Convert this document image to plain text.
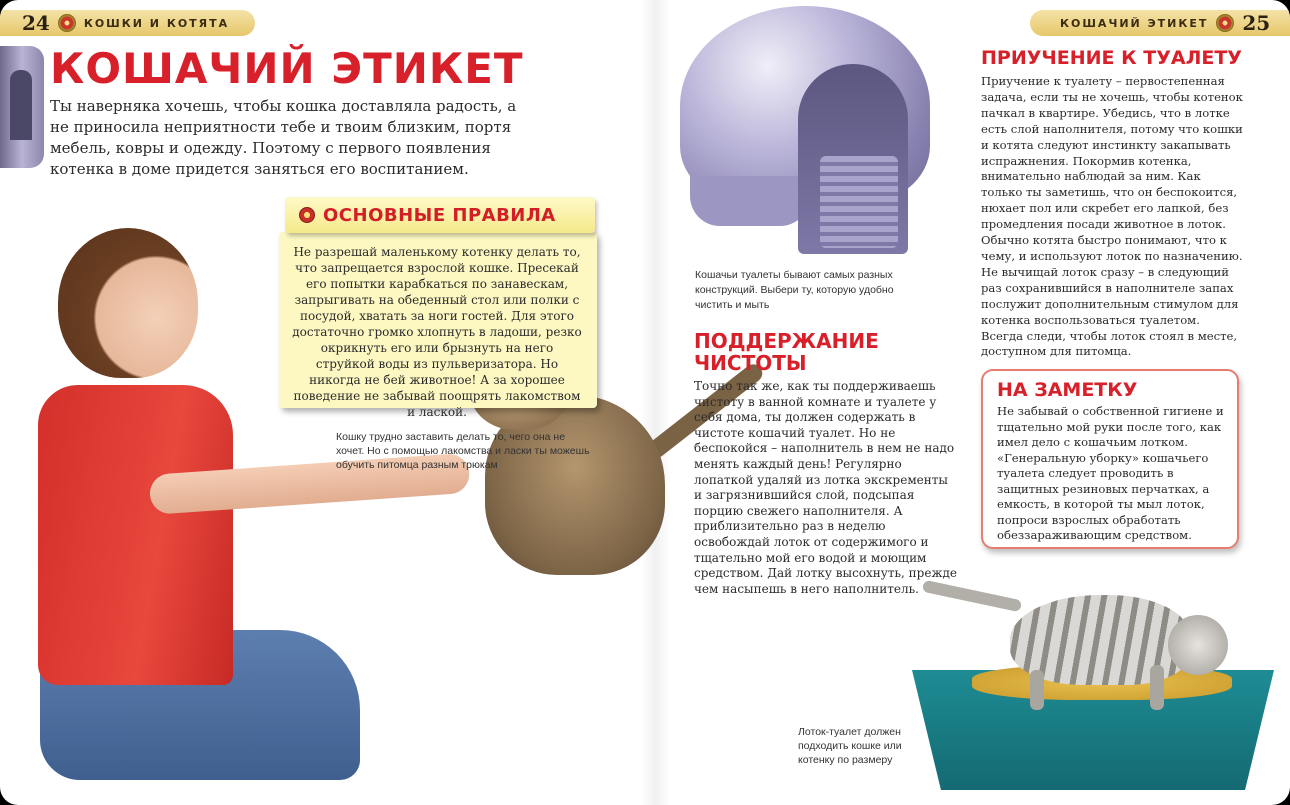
24	КОШКИ И КОТЯТА	КОШАЧИЙ ЭТИКЕТ 25
КОШАЧИЙ ЭТИКЕТ

Ты наверняка хочешь, чтобы кошка доставляла радость, а не приносила неприятности тебе и твоим близким, портя мебель, ковры и одежду. Поэтому с первого появления котенка в доме придется заняться его воспитанием.

Не разрешай маленькому котенку делать то, что запрещается взрослой кошке. Пресекай его попытки карабкаться по занавескам, запрыгивать на обеденный стол или полки с посудой, хватать за ноги гостей. Для этого достаточно громко хлопнуть в ладоши, резко окрикнуть его или брызнуть на него струйкой воды из пульверизатора. Но никогда не бей животное! А за хорошее поведение не забывай поощрять лакомством и лаской.
ОСНОВНЫЕ ПРАВИЛА

Кошку трудно заставить делать то, чего она не хочет. Но с помощью лакомства и ласки ты можешь обучить питомца разным трюкам

Кошачьи туалеты бывают самых разных конструкций. Выбери ту, которую удобно чистить и мыть

ПОДДЕРЖАНИЕ ЧИСТОТЫ

Точно так же, как ты поддерживаешь чистоту в ванной комнате и туалете у себя дома, ты должен содержать в чистоте кошачий туалет. Но не беспокойся – наполнитель в нем не надо менять каждый день! Регулярно лопаткой удаляй из лотка экскременты и загрязнившийся слой, подсыпая порцию свежего наполнителя. А приблизительно раз в неделю освобождай лоток от содержимого и тщательно мой его водой и моющим средством. Дай лотку высохнуть, прежде чем насыпешь в него наполнитель.

ПРИУЧЕНИЕ К ТУАЛЕТУ

Приучение к туалету – первостепенная задача, если ты не хочешь, чтобы котенок пачкал в квартире. Убедись, что в лотке есть слой наполнителя, потому что кошки и котята следуют инстинкту закапывать испражнения. Покормив котенка, внимательно наблюдай за ним. Как только ты заметишь, что он беспокоится, нюхает пол или скребет его лапкой, без промедления посади животное в лоток. Обычно котята быстро понимают, что к чему, и используют лоток по назначению. Не вычищай лоток сразу – в следующий раз сохранившийся в наполнителе запах послужит дополнительным стимулом для котенка воспользоваться туалетом. Всегда следи, чтобы лоток стоял в месте, доступном для питомца.

НА ЗАМЕТКУ
Не забывай о собственной гигиене и тщательно мой руки после того, как имел дело с кошачьим лотком. «Генеральную уборку» кошачьего туалета следует проводить в защитных резиновых перчатках, а емкость, в которой ты мыл лоток, попроси взрослых обработать обеззараживающим средством.

Лоток-туалет должен подходить кошке или котенку по размеру
